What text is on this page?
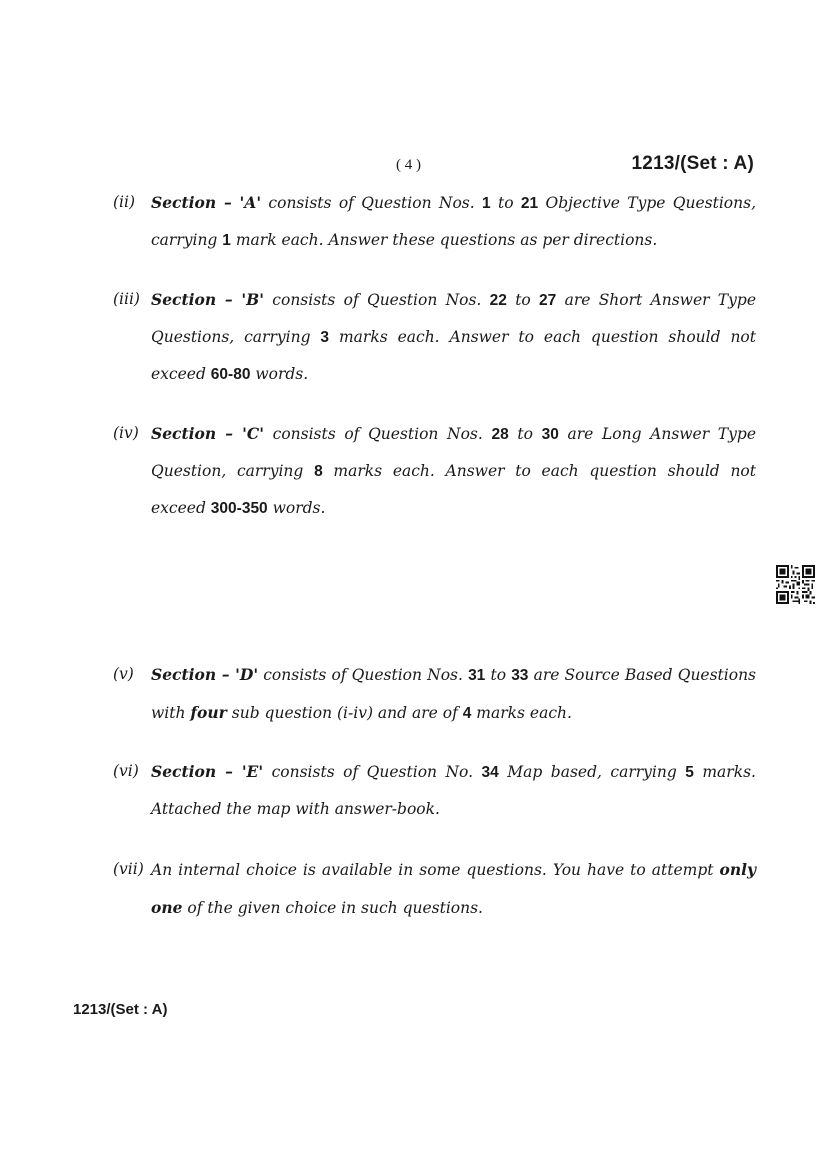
( 4 )	1213/(Set : A)
(ii) Section – 'A' consists of Question Nos. 1 to 21 Objective Type Questions, carrying 1 mark each. Answer these questions as per directions.
(iii) Section – 'B' consists of Question Nos. 22 to 27 are Short Answer Type Questions, carrying 3 marks each. Answer to each question should not exceed 60-80 words.
(iv) Section – 'C' consists of Question Nos. 28 to 30 are Long Answer Type Question, carrying 8 marks each. Answer to each question should not exceed 300-350 words.
(v) Section – 'D' consists of Question Nos. 31 to 33 are Source Based Questions with four sub question (i-iv) and are of 4 marks each.
(vi) Section – 'E' consists of Question No. 34 Map based, carrying 5 marks. Attached the map with answer-book.
(vii) An internal choice is available in some questions. You have to attempt only one of the given choice in such questions.
1213/(Set : A)
